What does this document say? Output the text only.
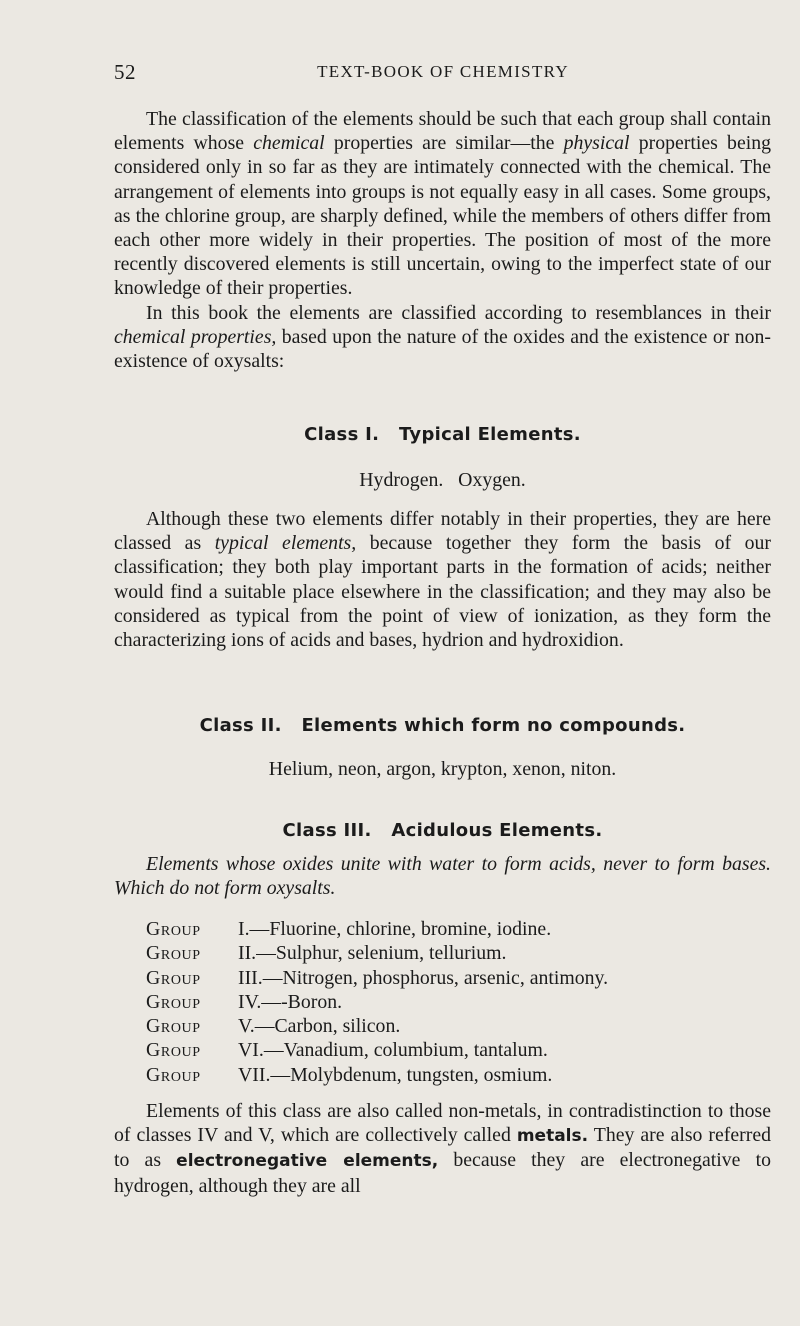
52	TEXT-BOOK OF CHEMISTRY

The classification of the elements should be such that each group shall contain elements whose chemical properties are similar—the physical properties being considered only in so far as they are intimately connected with the chemical. The arrangement of elements into groups is not equally easy in all cases. Some groups, as the chlorine group, are sharply defined, while the members of others differ from each other more widely in their properties. The position of most of the more recently discovered elements is still uncertain, owing to the imperfect state of our knowledge of their properties.

In this book the elements are classified according to resemblances in their chemical properties, based upon the nature of the oxides and the existence or non-existence of oxysalts:

Class I.   Typical Elements.
Hydrogen.   Oxygen.

Although these two elements differ notably in their properties, they are here classed as typical elements, because together they form the basis of our classification; they both play important parts in the formation of acids; neither would find a suitable place elsewhere in the classification; and they may also be considered as typical from the point of view of ionization, as they form the characterizing ions of acids and bases, hydrion and hydroxidion.

Class II.   Elements which form no compounds.
Helium, neon, argon, krypton, xenon, niton.
Class III.   Acidulous Elements.

Elements whose oxides unite with water to form acids, never to form bases. Which do not form oxysalts.

Group	I. —Fluorine, chlorine, bromine, iodine.
Group	II. —Sulphur, selenium, tellurium.
Group	III. —Nitrogen, phosphorus, arsenic, antimony.
Group	IV. —-Boron.
Group	V. —Carbon, silicon.
Group	VI. —Vanadium, columbium, tantalum.
Group	VII. —Molybdenum, tungsten, osmium.

Elements of this class are also called non-metals, in contradistinction to those of classes IV and V, which are collectively called metals. They are also referred to as electronegative elements, because they are electronegative to hydrogen, although they are all
